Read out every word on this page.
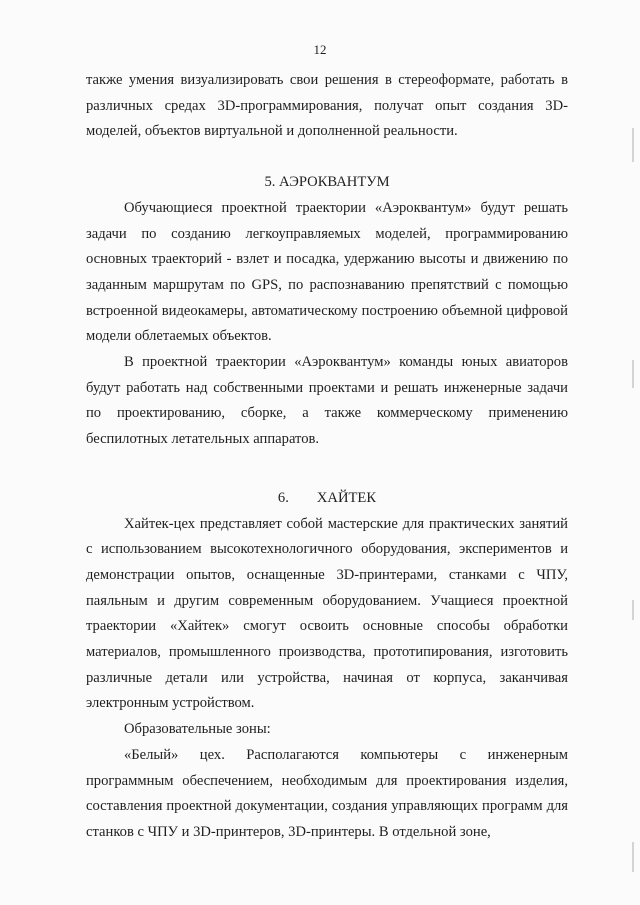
12

также умения визуализировать свои решения в стереоформате, работать в различных средах 3D-программирования, получат опыт создания 3D-моделей, объектов виртуальной и дополненной реальности.

5. АЭРОКВАНТУМ

Обучающиеся проектной траектории «Аэроквантум» будут решать задачи по созданию легкоуправляемых моделей, программированию основных траекторий - взлет и посадка, удержанию высоты и движению по заданным маршрутам по GPS, по распознаванию препятствий с помощью встроенной видеокамеры, автоматическому построению объемной цифровой модели облетаемых объектов.

В проектной траектории «Аэроквантум» команды юных авиаторов будут работать над собственными проектами и решать инженерные задачи по проектированию, сборке, а также коммерческому применению беспилотных летательных аппаратов.

6. ХАЙТЕК

Хайтек-цех представляет собой мастерские для практических занятий с использованием высокотехнологичного оборудования, экспериментов и демонстрации опытов, оснащенные 3D-принтерами, станками с ЧПУ, паяльным и другим современным оборудованием. Учащиеся проектной траектории «Хайтек» смогут освоить основные способы обработки материалов, промышленного производства, прототипирования, изготовить различные детали или устройства, начиная от корпуса, заканчивая электронным устройством.

Образовательные зоны:

«Белый» цех. Располагаются компьютеры с инженерным программным обеспечением, необходимым для проектирования изделия, составления проектной документации, создания управляющих программ для станков с ЧПУ и 3D-принтеров, 3D-принтеры. В отдельной зоне,
